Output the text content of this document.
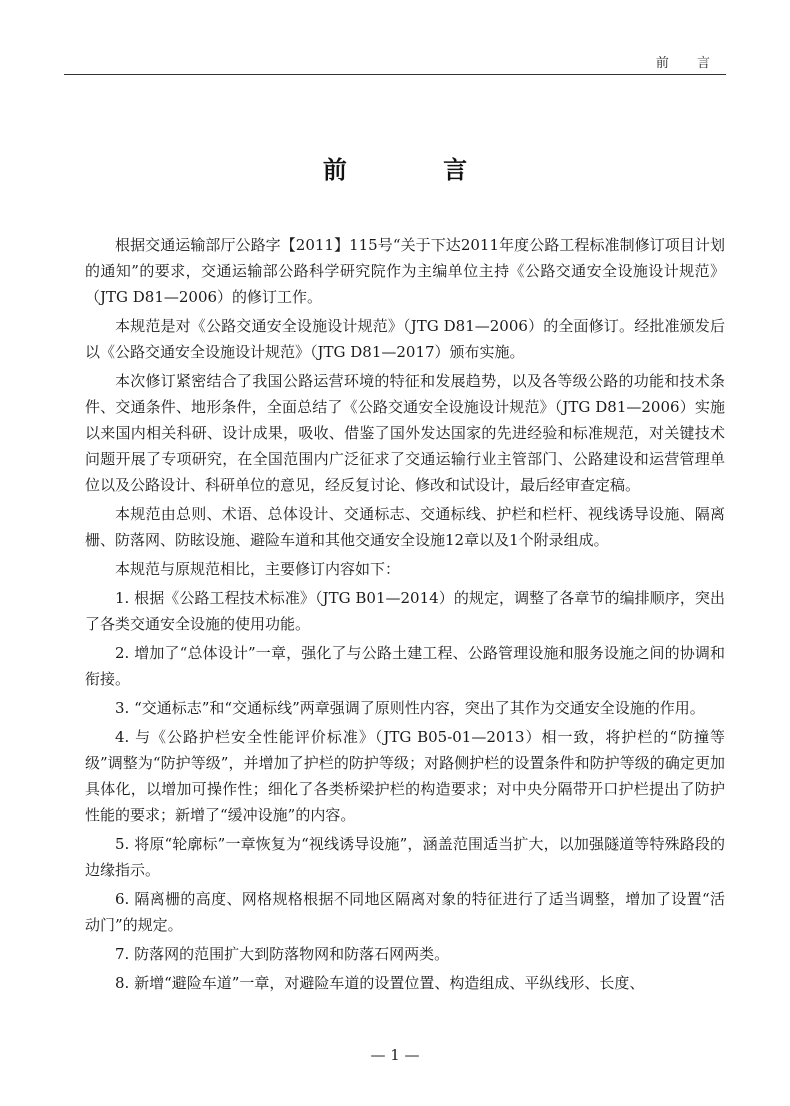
前 言
前 言

根据交通运输部厅公路字【2011】115号“关于下达2011年度公路工程标准制修订项目计划的通知”的要求，交通运输部公路科学研究院作为主编单位主持《公路交通安全设施设计规范》（JTG D81—2006）的修订工作。

本规范是对《公路交通安全设施设计规范》（JTG D81—2006）的全面修订。经批准颁发后以《公路交通安全设施设计规范》（JTG D81—2017）颁布实施。

本次修订紧密结合了我国公路运营环境的特征和发展趋势，以及各等级公路的功能和技术条件、交通条件、地形条件，全面总结了《公路交通安全设施设计规范》（JTG D81—2006）实施以来国内相关科研、设计成果，吸收、借鉴了国外发达国家的先进经验和标准规范，对关键技术问题开展了专项研究，在全国范围内广泛征求了交通运输行业主管部门、公路建设和运营管理单位以及公路设计、科研单位的意见，经反复讨论、修改和试设计，最后经审查定稿。

本规范由总则、术语、总体设计、交通标志、交通标线、护栏和栏杆、视线诱导设施、隔离栅、防落网、防眩设施、避险车道和其他交通安全设施12章以及1个附录组成。

本规范与原规范相比，主要修订内容如下：

1. 根据《公路工程技术标准》（JTG B01—2014）的规定，调整了各章节的编排顺序，突出了各类交通安全设施的使用功能。

2. 增加了“总体设计”一章，强化了与公路土建工程、公路管理设施和服务设施之间的协调和衔接。

3. “交通标志”和“交通标线”两章强调了原则性内容，突出了其作为交通安全设施的作用。

4. 与《公路护栏安全性能评价标准》（JTG B05-01—2013）相一致，将护栏的“防撞等级”调整为“防护等级”，并增加了护栏的防护等级；对路侧护栏的设置条件和防护等级的确定更加具体化，以增加可操作性；细化了各类桥梁护栏的构造要求；对中央分隔带开口护栏提出了防护性能的要求；新增了“缓冲设施”的内容。

5. 将原“轮廓标”一章恢复为“视线诱导设施”，涵盖范围适当扩大，以加强隧道等特殊路段的边缘指示。

6. 隔离栅的高度、网格规格根据不同地区隔离对象的特征进行了适当调整，增加了设置“活动门”的规定。

7. 防落网的范围扩大到防落物网和防落石网两类。

8. 新增“避险车道”一章，对避险车道的设置位置、构造组成、平纵线形、长度、

— 1 —
